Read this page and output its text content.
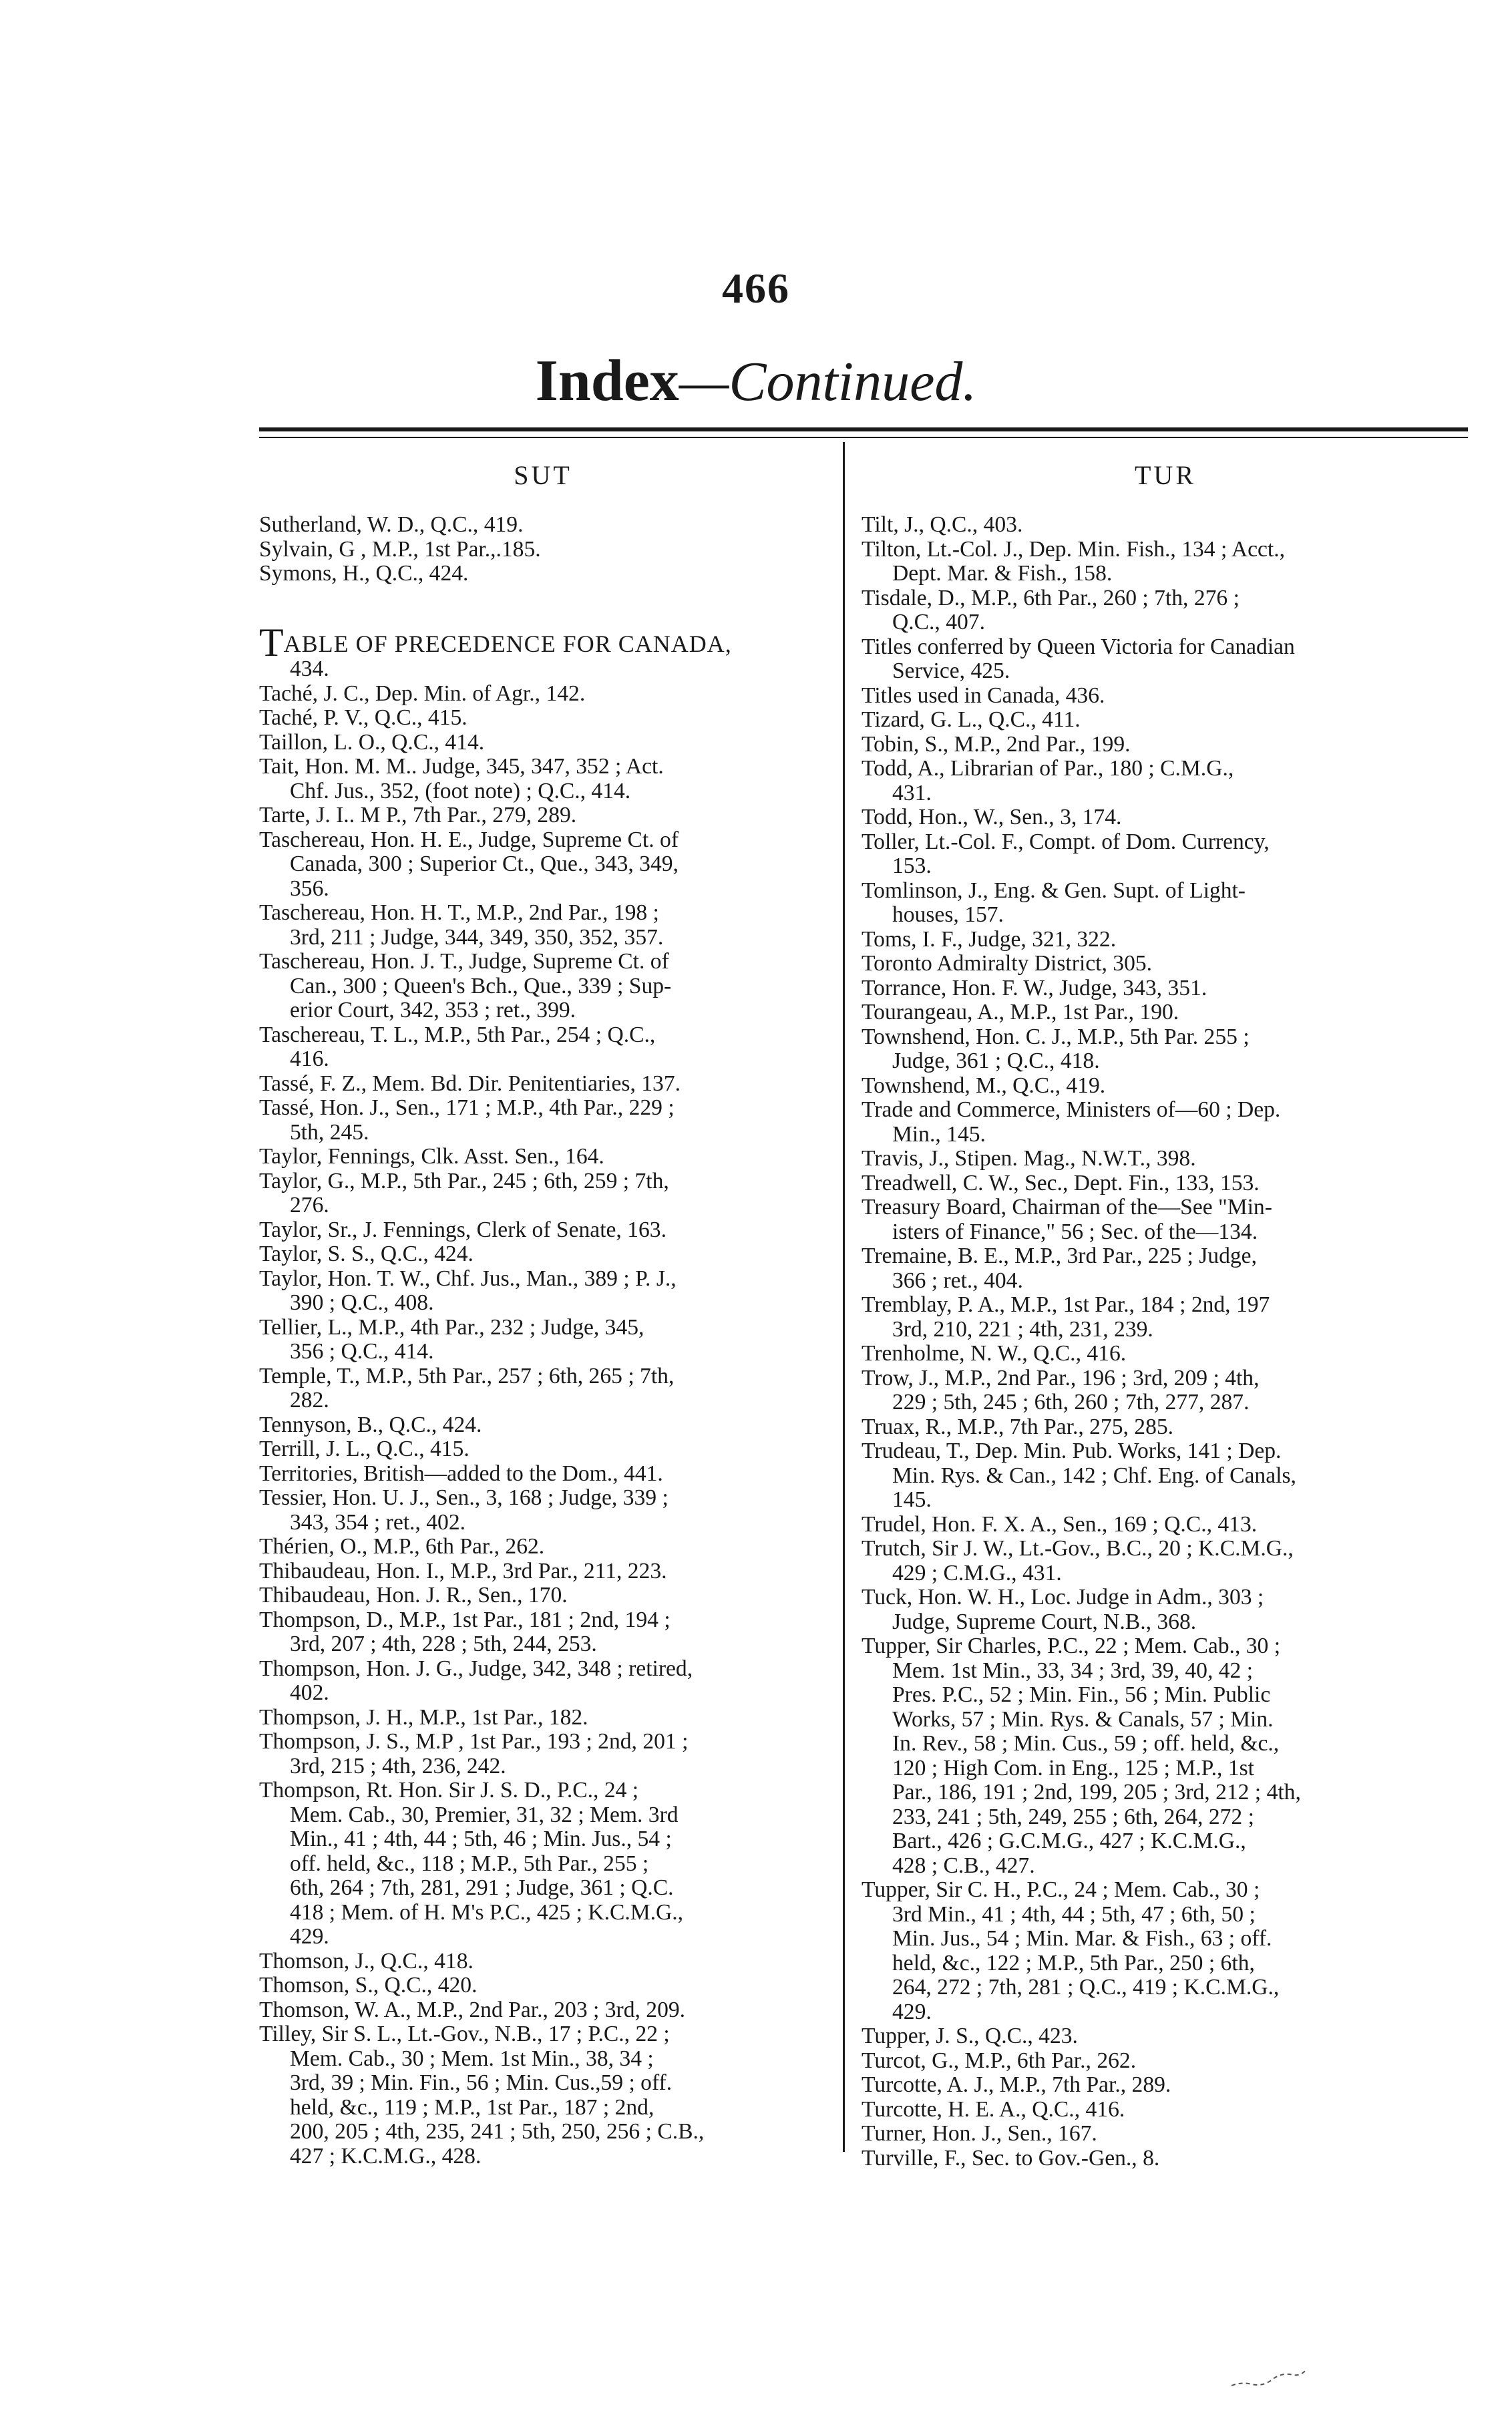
466
Index—Continued.
SUT	TUR

Sutherland, W. D., Q.C., 419.

Sylvain, G , M.P., 1st Par.,.185.

Symons, H., Q.C., 424.

TABLE OF PRECEDENCE FOR CANADA,
434.

Taché, J. C., Dep. Min. of Agr., 142.

Taché, P. V., Q.C., 415.

Taillon, L. O., Q.C., 414.

Tait, Hon. M. M.. Judge, 345, 347, 352 ; Act.
Chf. Jus., 352, (foot note) ; Q.C., 414.

Tarte, J. I.. M P., 7th Par., 279, 289.

Taschereau, Hon. H. E., Judge, Supreme Ct. of
Canada, 300 ; Superior Ct., Que., 343, 349,
356.

Taschereau, Hon. H. T., M.P., 2nd Par., 198 ;
3rd, 211 ; Judge, 344, 349, 350, 352, 357.

Taschereau, Hon. J. T., Judge, Supreme Ct. of
Can., 300 ; Queen's Bch., Que., 339 ; Sup-
erior Court, 342, 353 ; ret., 399.

Taschereau, T. L., M.P., 5th Par., 254 ; Q.C.,
416.

Tassé, F. Z., Mem. Bd. Dir. Penitentiaries, 137.

Tassé, Hon. J., Sen., 171 ; M.P., 4th Par., 229 ;
5th, 245.

Taylor, Fennings, Clk. Asst. Sen., 164.

Taylor, G., M.P., 5th Par., 245 ; 6th, 259 ; 7th,
276.

Taylor, Sr., J. Fennings, Clerk of Senate, 163.

Taylor, S. S., Q.C., 424.

Taylor, Hon. T. W., Chf. Jus., Man., 389 ; P. J.,
390 ; Q.C., 408.

Tellier, L., M.P., 4th Par., 232 ; Judge, 345,
356 ; Q.C., 414.

Temple, T., M.P., 5th Par., 257 ; 6th, 265 ; 7th,
282.

Tennyson, B., Q.C., 424.

Terrill, J. L., Q.C., 415.

Territories, British—added to the Dom., 441.

Tessier, Hon. U. J., Sen., 3, 168 ; Judge, 339 ;
343, 354 ; ret., 402.

Thérien, O., M.P., 6th Par., 262.

Thibaudeau, Hon. I., M.P., 3rd Par., 211, 223.

Thibaudeau, Hon. J. R., Sen., 170.

Thompson, D., M.P., 1st Par., 181 ; 2nd, 194 ;
3rd, 207 ; 4th, 228 ; 5th, 244, 253.

Thompson, Hon. J. G., Judge, 342, 348 ; retired,
402.

Thompson, J. H., M.P., 1st Par., 182.

Thompson, J. S., M.P , 1st Par., 193 ; 2nd, 201 ;
3rd, 215 ; 4th, 236, 242.

Thompson, Rt. Hon. Sir J. S. D., P.C., 24 ;
Mem. Cab., 30, Premier, 31, 32 ; Mem. 3rd
Min., 41 ; 4th, 44 ; 5th, 46 ; Min. Jus., 54 ;
off. held, &c., 118 ; M.P., 5th Par., 255 ;
6th, 264 ; 7th, 281, 291 ; Judge, 361 ; Q.C.
418 ; Mem. of H. M's P.C., 425 ; K.C.M.G.,
429.

Thomson, J., Q.C., 418.

Thomson, S., Q.C., 420.

Thomson, W. A., M.P., 2nd Par., 203 ; 3rd, 209.

Tilley, Sir S. L., Lt.-Gov., N.B., 17 ; P.C., 22 ;
Mem. Cab., 30 ; Mem. 1st Min., 38, 34 ;
3rd, 39 ; Min. Fin., 56 ; Min. Cus.,59 ; off.
held, &c., 119 ; M.P., 1st Par., 187 ; 2nd,
200, 205 ; 4th, 235, 241 ; 5th, 250, 256 ; C.B.,
427 ; K.C.M.G., 428.

Tilt, J., Q.C., 403.

Tilton, Lt.-Col. J., Dep. Min. Fish., 134 ; Acct.,
Dept. Mar. & Fish., 158.

Tisdale, D., M.P., 6th Par., 260 ; 7th, 276 ;
Q.C., 407.

Titles conferred by Queen Victoria for Canadian
Service, 425.

Titles used in Canada, 436.

Tizard, G. L., Q.C., 411.

Tobin, S., M.P., 2nd Par., 199.

Todd, A., Librarian of Par., 180 ; C.M.G.,
431.

Todd, Hon., W., Sen., 3, 174.

Toller, Lt.-Col. F., Compt. of Dom. Currency,
153.

Tomlinson, J., Eng. & Gen. Supt. of Light-
houses, 157.

Toms, I. F., Judge, 321, 322.

Toronto Admiralty District, 305.

Torrance, Hon. F. W., Judge, 343, 351.

Tourangeau, A., M.P., 1st Par., 190.

Townshend, Hon. C. J., M.P., 5th Par. 255 ;
Judge, 361 ; Q.C., 418.

Townshend, M., Q.C., 419.

Trade and Commerce, Ministers of—60 ; Dep.
Min., 145.

Travis, J., Stipen. Mag., N.W.T., 398.

Treadwell, C. W., Sec., Dept. Fin., 133, 153.

Treasury Board, Chairman of the—See "Min-
isters of Finance," 56 ; Sec. of the—134.

Tremaine, B. E., M.P., 3rd Par., 225 ; Judge,
366 ; ret., 404.

Tremblay, P. A., M.P., 1st Par., 184 ; 2nd, 197
3rd, 210, 221 ; 4th, 231, 239.

Trenholme, N. W., Q.C., 416.

Trow, J., M.P., 2nd Par., 196 ; 3rd, 209 ; 4th,
229 ; 5th, 245 ; 6th, 260 ; 7th, 277, 287.

Truax, R., M.P., 7th Par., 275, 285.

Trudeau, T., Dep. Min. Pub. Works, 141 ; Dep.
Min. Rys. & Can., 142 ; Chf. Eng. of Canals,
145.

Trudel, Hon. F. X. A., Sen., 169 ; Q.C., 413.

Trutch, Sir J. W., Lt.-Gov., B.C., 20 ; K.C.M.G.,
429 ; C.M.G., 431.

Tuck, Hon. W. H., Loc. Judge in Adm., 303 ;
Judge, Supreme Court, N.B., 368.

Tupper, Sir Charles, P.C., 22 ; Mem. Cab., 30 ;
Mem. 1st Min., 33, 34 ; 3rd, 39, 40, 42 ;
Pres. P.C., 52 ; Min. Fin., 56 ; Min. Public
Works, 57 ; Min. Rys. & Canals, 57 ; Min.
In. Rev., 58 ; Min. Cus., 59 ; off. held, &c.,
120 ; High Com. in Eng., 125 ; M.P., 1st
Par., 186, 191 ; 2nd, 199, 205 ; 3rd, 212 ; 4th,
233, 241 ; 5th, 249, 255 ; 6th, 264, 272 ;
Bart., 426 ; G.C.M.G., 427 ; K.C.M.G.,
428 ; C.B., 427.

Tupper, Sir C. H., P.C., 24 ; Mem. Cab., 30 ;
3rd Min., 41 ; 4th, 44 ; 5th, 47 ; 6th, 50 ;
Min. Jus., 54 ; Min. Mar. & Fish., 63 ; off.
held, &c., 122 ; M.P., 5th Par., 250 ; 6th,
264, 272 ; 7th, 281 ; Q.C., 419 ; K.C.M.G.,
429.

Tupper, J. S., Q.C., 423.

Turcot, G., M.P., 6th Par., 262.

Turcotte, A. J., M.P., 7th Par., 289.

Turcotte, H. E. A., Q.C., 416.

Turner, Hon. J., Sen., 167.

Turville, F., Sec. to Gov.-Gen., 8.
